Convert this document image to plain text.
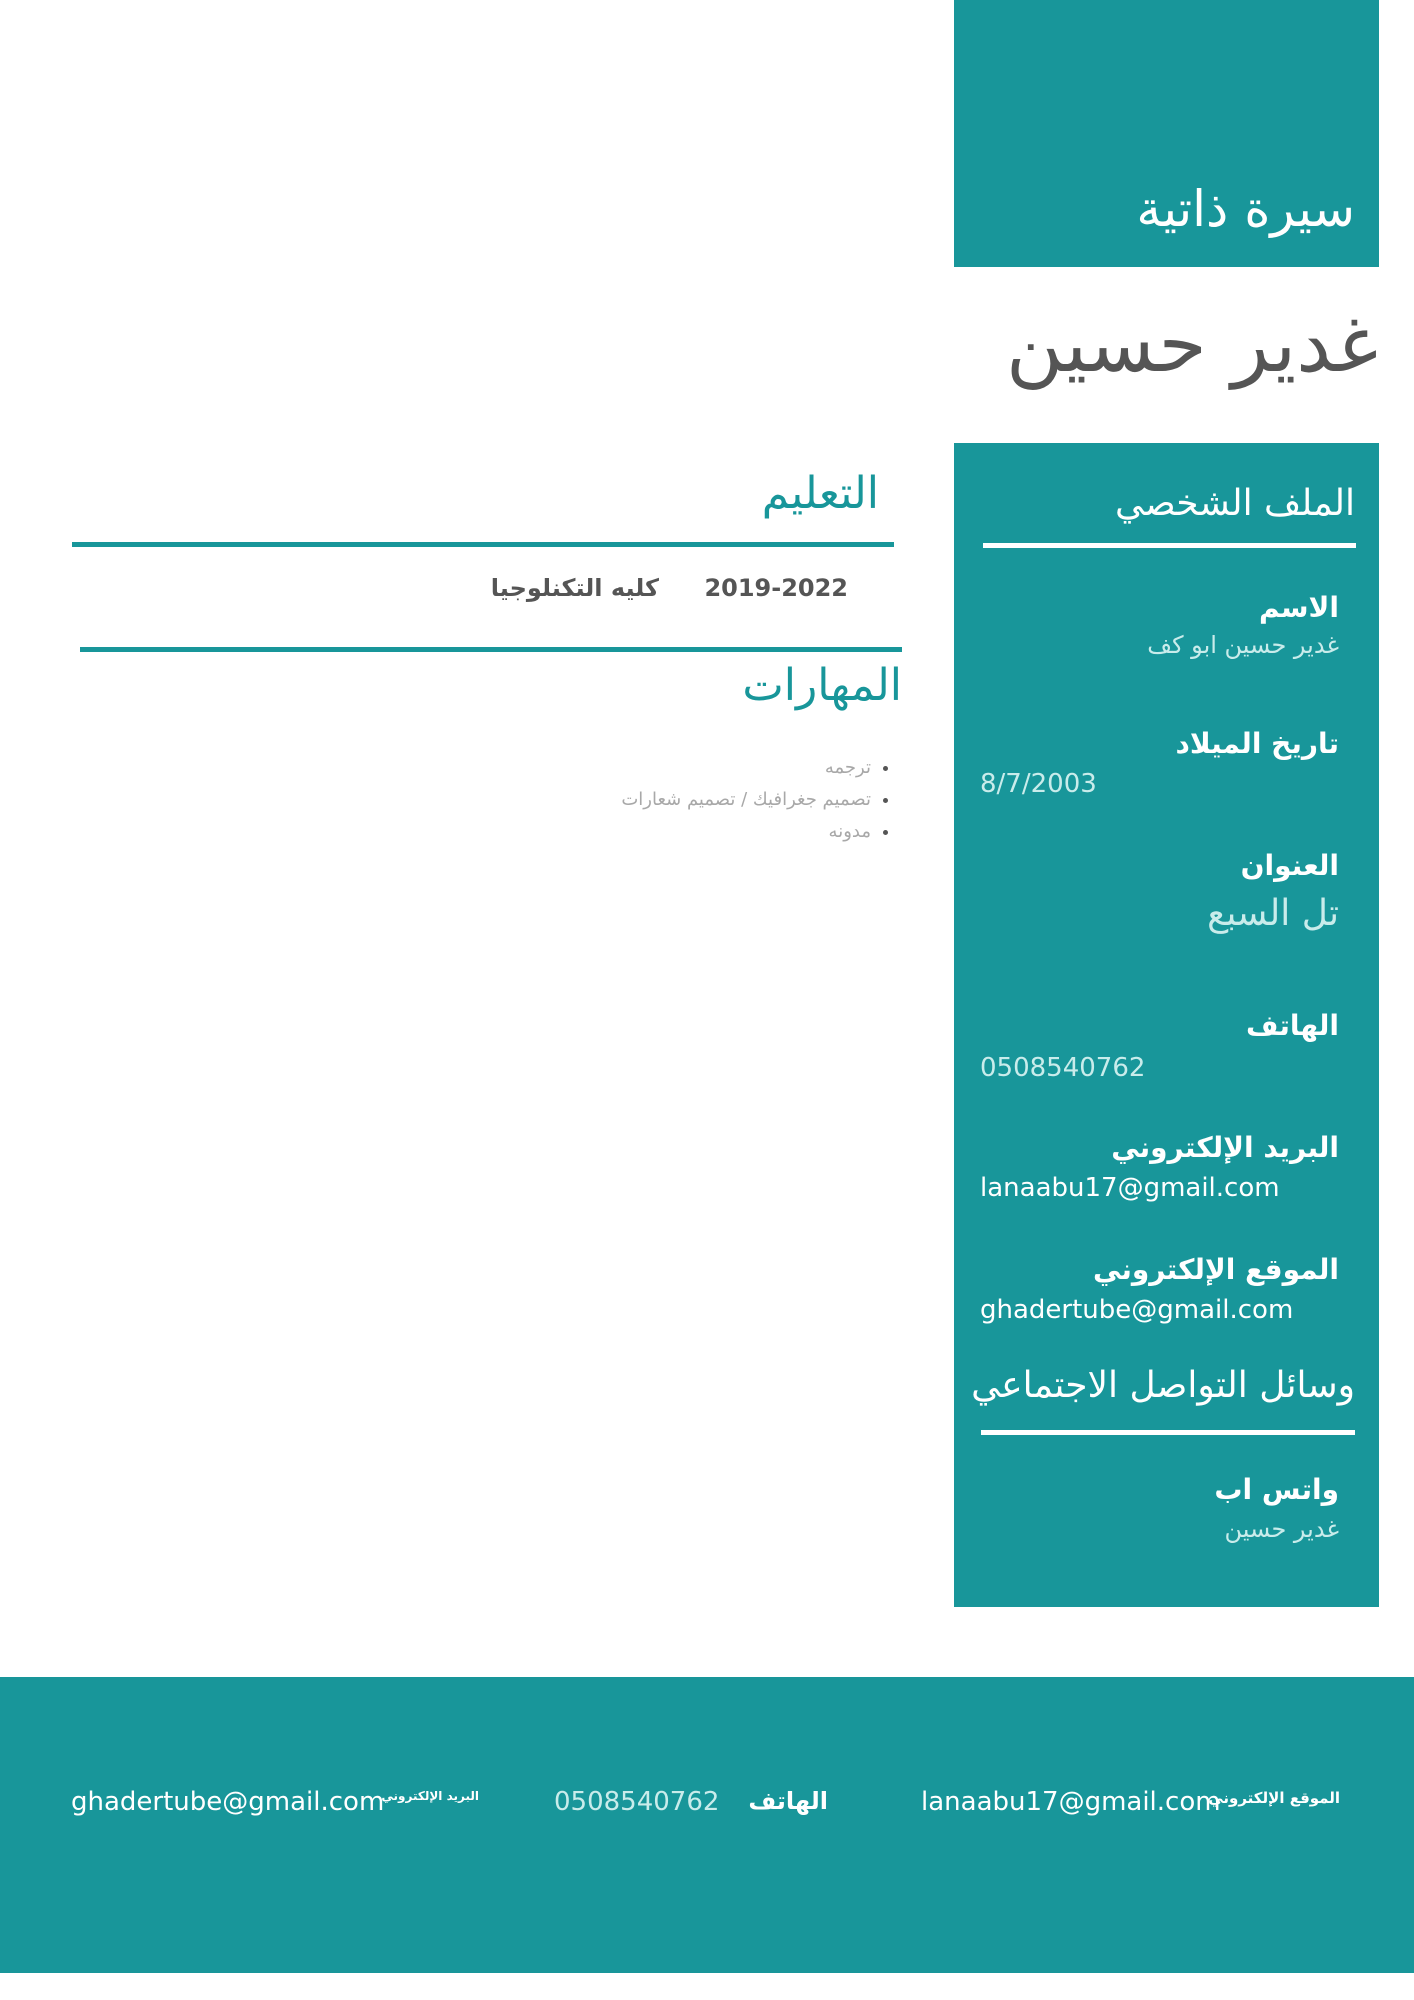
سيرة ذاتية
غدير حسين
الملف الشخصي
الاسم
غدير حسين ابو كف
تاريخ الميلاد
8/7/2003
العنوان
تل السبع
الهاتف
0508540762
البريد الإلكتروني
lanaabu17@gmail.com
الموقع الإلكتروني
ghadertube@gmail.com
وسائل التواصل الاجتماعي
واتس اب
غدير حسين
التعليم
2019-2022
كليه التكنلوجيا
المهارات
• ترجمه
• تصميم جغرافيك / تصميم شعارات
• مدونه
الموقع الإلكتروني
lanaabu17@gmail.com
الهاتف
0508540762
البريد الإلكتروني
ghadertube@gmail.com
